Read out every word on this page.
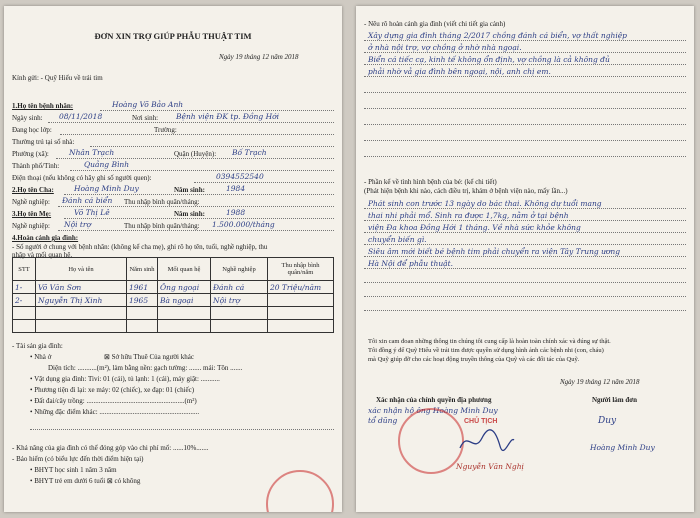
ĐƠN XIN TRỢ GIÚP PHẪU THUẬT TIM
Ngày 19 tháng 12 năm 2018
Kính gửi: - Quỹ Hiểu về trái tim
1.Họ tên bệnh nhân:	Hoàng Võ Bảo Anh
Ngày sinh: 08/11/2018	Nơi sinh: Bệnh viện ĐK tp. Đồng Hới
Đang học lớp:	Trường:
Thường trú tại số nhà:
Phường (xã):	Nhân Trạch	Quận (Huyện): Bố Trạch
Thành phố/Tỉnh:	Quảng Bình
Điện thoại (nếu không có hãy ghi số người quen):	0394552540
2.Họ tên Cha:	Hoàng Minh Duy	Năm sinh:	1984
Nghề nghiệp: Đánh cá biển Thu nhập bình quân/tháng:
3.Họ tên Mẹ:	Võ Thị Lê	Năm sinh:	1988
Nghề nghiệp: Nội trợ	Thu nhập bình quân/tháng: 1.500.000/tháng
4.Hoàn cảnh gia đình:
- Số người ở chung với bệnh nhân: (không kể cha mẹ), ghi rõ họ tên, tuổi, nghề nghiệp, thu
nhập và mối quan hệ.
STT	Họ và tên	Năm sinh	Mối quan hệ	Nghề nghiệp	Thu nhập bình quân/năm
1-	Võ Văn Sơn	1961	Ông ngoại	Đánh cá	20 Triệu/năm
2-	Nguyễn Thị Xinh	1965	Bà ngoại	Nội trợ	

- Tài sản gia đình:
• Nhà ở	⊠ Sở hữu Thuê Của người khác
Diện tích: ...........(m²), làm bằng nền: gạch tường: ....... mái: Tôn .......
• Vật dụng gia đình: Tivi: 01 (cái), tủ lạnh: 1 (cái), máy giặt: ...........
• Phương tiện đi lại: xe máy: 02 (chiếc), xe đạp: 01 (chiếc)
• Đất đai/cây trồng: ........................................................(m²)
• Những đặc điểm khác: .........................................................
- Khả năng của gia đình có thể đóng góp vào chi phí mổ: ......10%.......
- Bảo hiểm (có biểu lực đến thời điểm hiện tại)
• BHYT học sinh 1 năm 3 năm
• BHYT trẻ em dưới 6 tuổi ⊠ có không
- Nêu rõ hoàn cảnh gia đình (viết chi tiết gia cảnh)
Xây dựng gia đình tháng 2/2017 chồng đánh cá biển, vợ thất nghiệp
ở nhà nội trợ, vợ chồng ở nhờ nhà ngoại.
Biển cá tiếc cạ, kinh tế không ổn định, vợ chồng là cả không đủ
phải nhờ vả gia đình bên ngoại, nội, anh chị em.
- Phần kể về tình hình bệnh của bé: (kể chi tiết)
(Phát hiện bệnh khi nào, cách điều trị, khám ở bệnh viện nào, mấy lần...)
Phát sinh con trước 13 ngày do bác thai. Không dự tuổi mang
thai nhi phải mổ. Sinh ra được 1,7kg, nằm ở tại bệnh
viện Đa khoa Đồng Hới 1 tháng. Về nhà sức khỏe không
chuyển biến gì.
Siêu âm mới biết bé bệnh tim phải chuyển ra viện Tây Trung ương
Hà Nội để phẫu thuật.
Tôi xin cam đoan những thông tin chúng tôi cung cấp là hoàn toàn chính xác và đúng sự thật.
Tôi đồng ý để Quỹ Hiểu về trái tim được quyền sử dụng hình ảnh các bệnh nhi (con, cháu)
mà Quỹ giúp đỡ cho các hoạt động truyền thông của Quỹ và các đối tác của Quỹ.
Ngày 19 tháng 12 năm 2018
Xác nhận của chính quyền địa phương	Người làm đơn
xác nhận hộ ông Hoàng Minh Duy
tổ dũng	CHỦ TỊCH
Nguyễn Văn Nghị
Duy
Hoàng Minh Duy
